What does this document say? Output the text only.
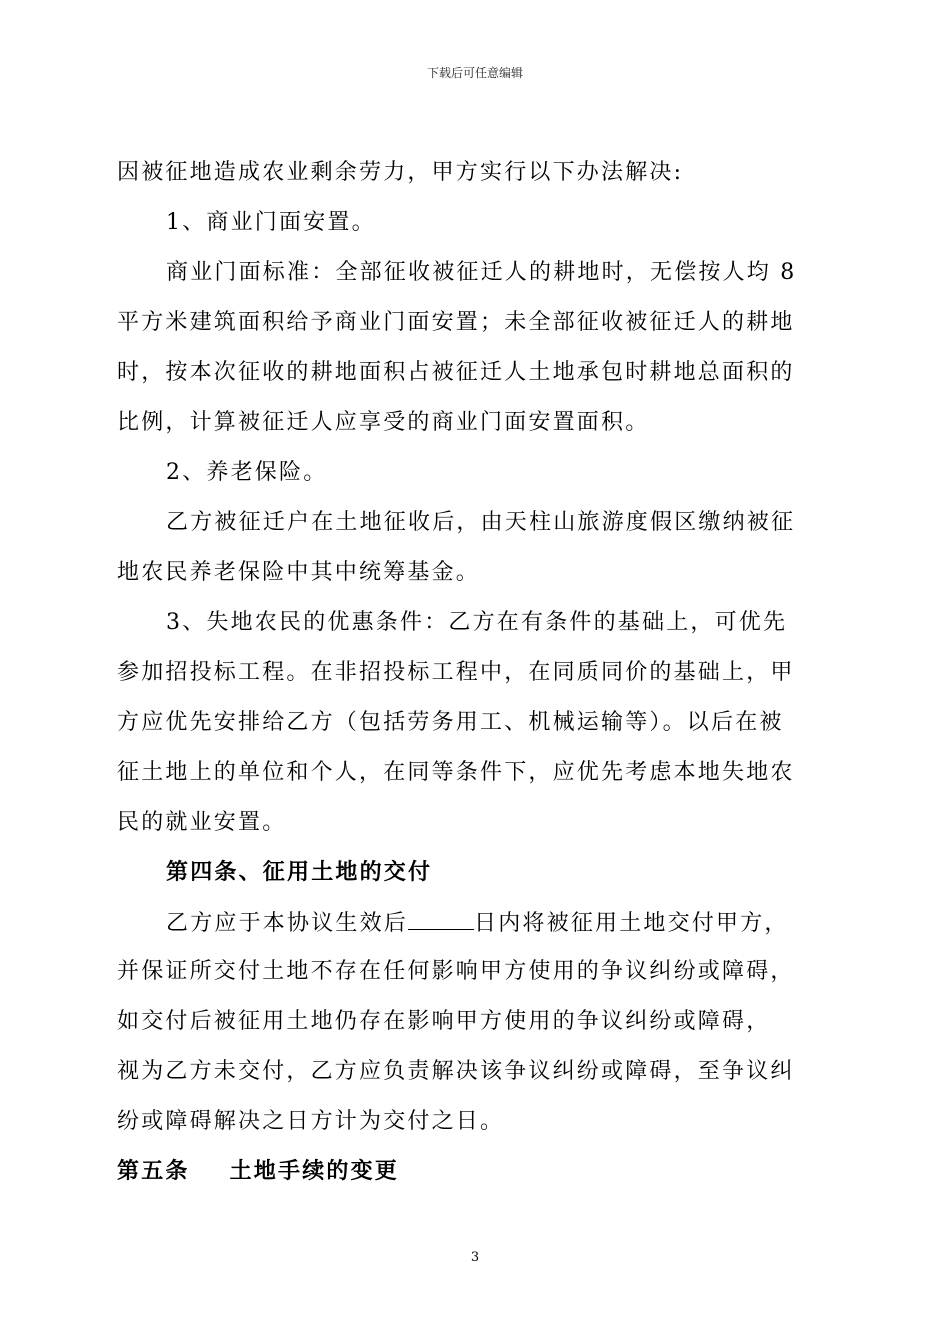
下载后可任意编辑
因被征地造成农业剩余劳力，甲方实行以下办法解决:
1、商业门面安置。
商业门面标准：全部征收被征迁人的耕地时，无偿按人均 8
平方米建筑面积给予商业门面安置；未全部征收被征迁人的耕地
时，按本次征收的耕地面积占被征迁人土地承包时耕地总面积的
比例，计算被征迁人应享受的商业门面安置面积。
2、养老保险。
乙方被征迁户在土地征收后，由天柱山旅游度假区缴纳被征
地农民养老保险中其中统筹基金。
3、失地农民的优惠条件：乙方在有条件的基础上，可优先
参加招投标工程。在非招投标工程中，在同质同价的基础上，甲
方应优先安排给乙方（包括劳务用工、机械运输等）。以后在被
征土地上的单位和个人，在同等条件下，应优先考虑本地失地农
民的就业安置。
第四条、征用土地的交付
乙方应于本协议生效后	日内将被征用土地交付甲方，
并保证所交付土地不存在任何影响甲方使用的争议纠纷或障碍，
如交付后被征用土地仍存在影响甲方使用的争议纠纷或障碍，
视为乙方未交付，乙方应负责解决该争议纠纷或障碍，至争议纠
纷或障碍解决之日方计为交付之日。
第五条 土地手续的变更
3
